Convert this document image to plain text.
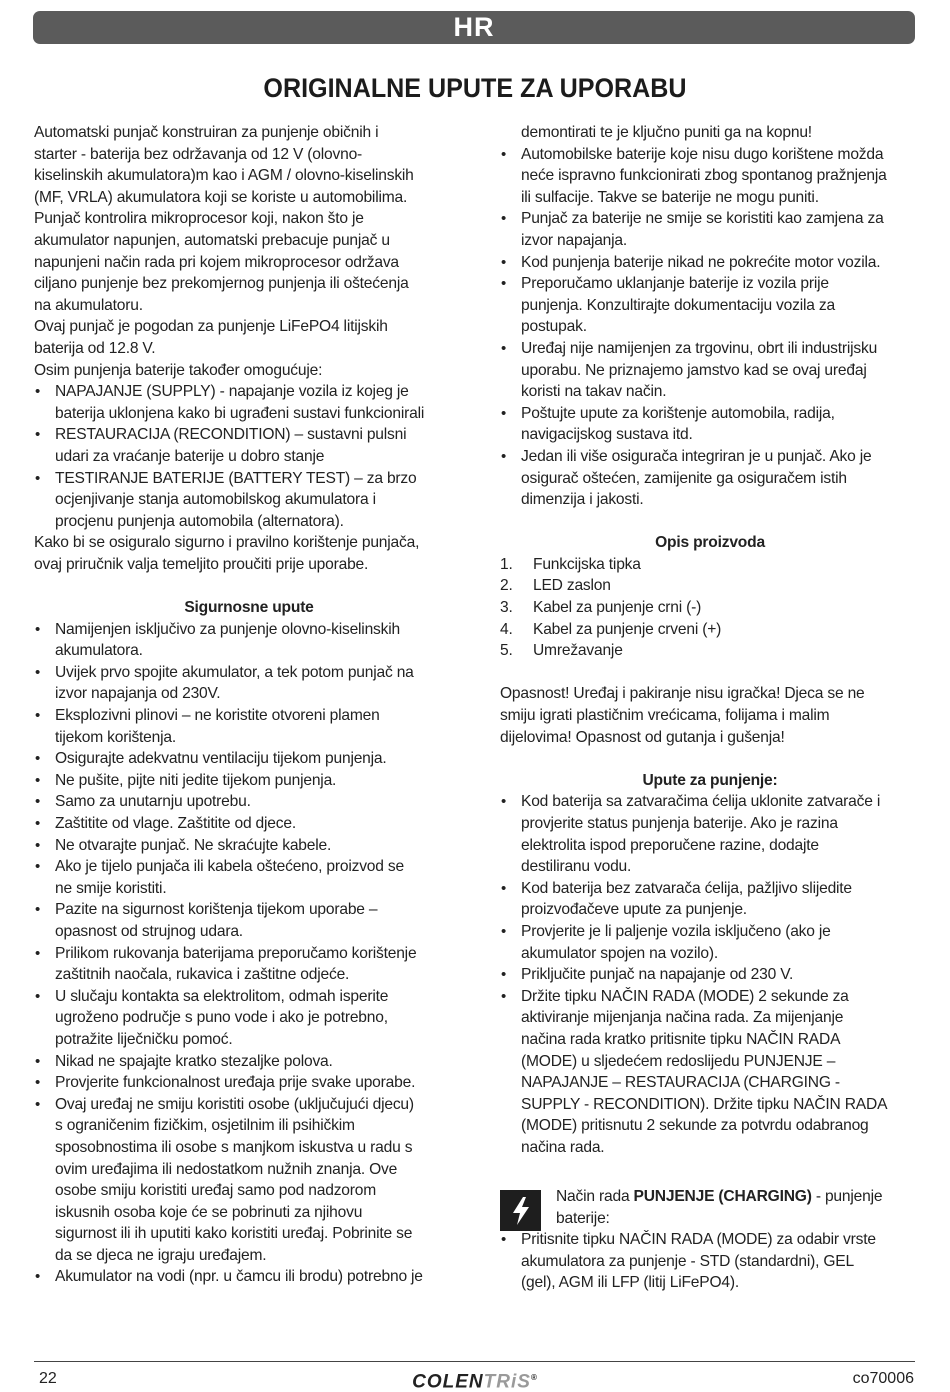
HR
ORIGINALNE UPUTE ZA UPORABU
Automatski punjač konstruiran za punjenje običnih i
starter - baterija bez održavanja od 12 V (olovno-
kiselinskih akumulatora)m kao i AGM / olovno-kiselinskih
(MF, VRLA) akumulatora koji se koriste u automobilima.
Punjač kontrolira mikroprocesor koji, nakon što je
akumulator napunjen, automatski prebacuje punjač u
napunjeni način rada pri kojem mikroprocesor održava
ciljano punjenje bez prekomjernog punjenja ili oštećenja
na akumulatoru.
Ovaj punjač je pogodan za punjenje LiFePO4 litijskih
baterija od 12.8 V.
Osim punjenja baterije također omogućuje:
• NAPAJANJE (SUPPLY) - napajanje vozila iz kojeg je
baterija uklonjena kako bi ugrađeni sustavi funkcionirali
• RESTAURACIJA (RECONDITION) – sustavni pulsni
udari za vraćanje baterije u dobro stanje
• TESTIRANJE BATERIJE (BATTERY TEST) – za brzo
ocjenjivanje stanja automobilskog akumulatora i
procjenu punjenja automobila (alternatora).
Kako bi se osiguralo sigurno i pravilno korištenje punjača,
ovaj priručnik valja temeljito proučiti prije uporabe.
Sigurnosne upute
• Namijenjen isključivo za punjenje olovno-kiselinskih
akumulatora.
• Uvijek prvo spojite akumulator, a tek potom punjač na
izvor napajanja od 230V.
• Eksplozivni plinovi – ne koristite otvoreni plamen
tijekom korištenja.
• Osigurajte adekvatnu ventilaciju tijekom punjenja.
• Ne pušite, pijte niti jedite tijekom punjenja.
• Samo za unutarnju upotrebu.
• Zaštitite od vlage. Zaštitite od djece.
• Ne otvarajte punjač. Ne skraćujte kabele.
• Ako je tijelo punjača ili kabela oštećeno, proizvod se
ne smije koristiti.
• Pazite na sigurnost korištenja tijekom uporabe –
opasnost od strujnog udara.
• Prilikom rukovanja baterijama preporučamo korištenje
zaštitnih naočala, rukavica i zaštitne odjeće.
• U slučaju kontakta sa elektrolitom, odmah isperite
ugroženo područje s puno vode i ako je potrebno,
potražite liječničku pomoć.
• Nikad ne spajajte kratko stezaljke polova.
• Provjerite funkcionalnost uređaja prije svake uporabe.
• Ovaj uređaj ne smiju koristiti osobe (uključujući djecu)
s ograničenim fizičkim, osjetilnim ili psihičkim
sposobnostima ili osobe s manjkom iskustva u radu s
ovim uređajima ili nedostatkom nužnih znanja. Ove
osobe smiju koristiti uređaj samo pod nadzorom
iskusnih osoba koje će se pobrinuti za njihovu
sigurnost ili ih uputiti kako koristiti uređaj. Pobrinite se
da se djeca ne igraju uređajem.
• Akumulator na vodi (npr. u čamcu ili brodu) potrebno je
demontirati te je ključno puniti ga na kopnu!
• Automobilske baterije koje nisu dugo korištene možda
neće ispravno funkcionirati zbog spontanog pražnjenja
ili sulfacije. Takve se baterije ne mogu puniti.
• Punjač za baterije ne smije se koristiti kao zamjena za
izvor napajanja.
• Kod punjenja baterije nikad ne pokrećite motor vozila.
• Preporučamo uklanjanje baterije iz vozila prije
punjenja. Konzultirajte dokumentaciju vozila za
postupak.
• Uređaj nije namijenjen za trgovinu, obrt ili industrijsku
uporabu. Ne priznajemo jamstvo kad se ovaj uređaj
koristi na takav način.
• Poštujte upute za korištenje automobila, radija,
navigacijskog sustava itd.
• Jedan ili više osigurača integriran je u punjač. Ako je
osigurač oštećen, zamijenite ga osiguračem istih
dimenzija i jakosti.
Opis proizvoda
1. Funkcijska tipka
2. LED zaslon
3. Kabel za punjenje crni (-)
4. Kabel za punjenje crveni (+)
5. Umrežavanje
Opasnost! Uređaj i pakiranje nisu igračka! Djeca se ne
smiju igrati plastičnim vrećicama, folijama i malim
dijelovima! Opasnost od gutanja i gušenja!
Upute za punjenje:
• Kod baterija sa zatvaračima ćelija uklonite zatvarače i
provjerite status punjenja baterije. Ako je razina
elektrolita ispod preporučene razine, dodajte
destiliranu vodu.
• Kod baterija bez zatvarača ćelija, pažljivo slijedite
proizvođačeve upute za punjenje.
• Provjerite je li paljenje vozila isključeno (ako je
akumulator spojen na vozilo).
• Priključite punjač na napajanje od 230 V.
• Držite tipku NAČIN RADA (MODE) 2 sekunde za
aktiviranje mijenjanja načina rada. Za mijenjanje
načina rada kratko pritisnite tipku NAČIN RADA
(MODE) u sljedećem redoslijedu PUNJENJE –
NAPAJANJE – RESTAURACIJA (CHARGING -
SUPPLY - RECONDITION). Držite tipku NAČIN RADA
(MODE) pritisnutu 2 sekunde za potvrdu odabranog
načina rada.
Način rada PUNJENJE (CHARGING) - punjenje
baterije:
• Pritisnite tipku NAČIN RADA (MODE) za odabir vrste
akumulatora za punjenje - STD (standardni), GEL
(gel), AGM ili LFP (litij LiFePO4).
22	COLENTRiS®	co70006
